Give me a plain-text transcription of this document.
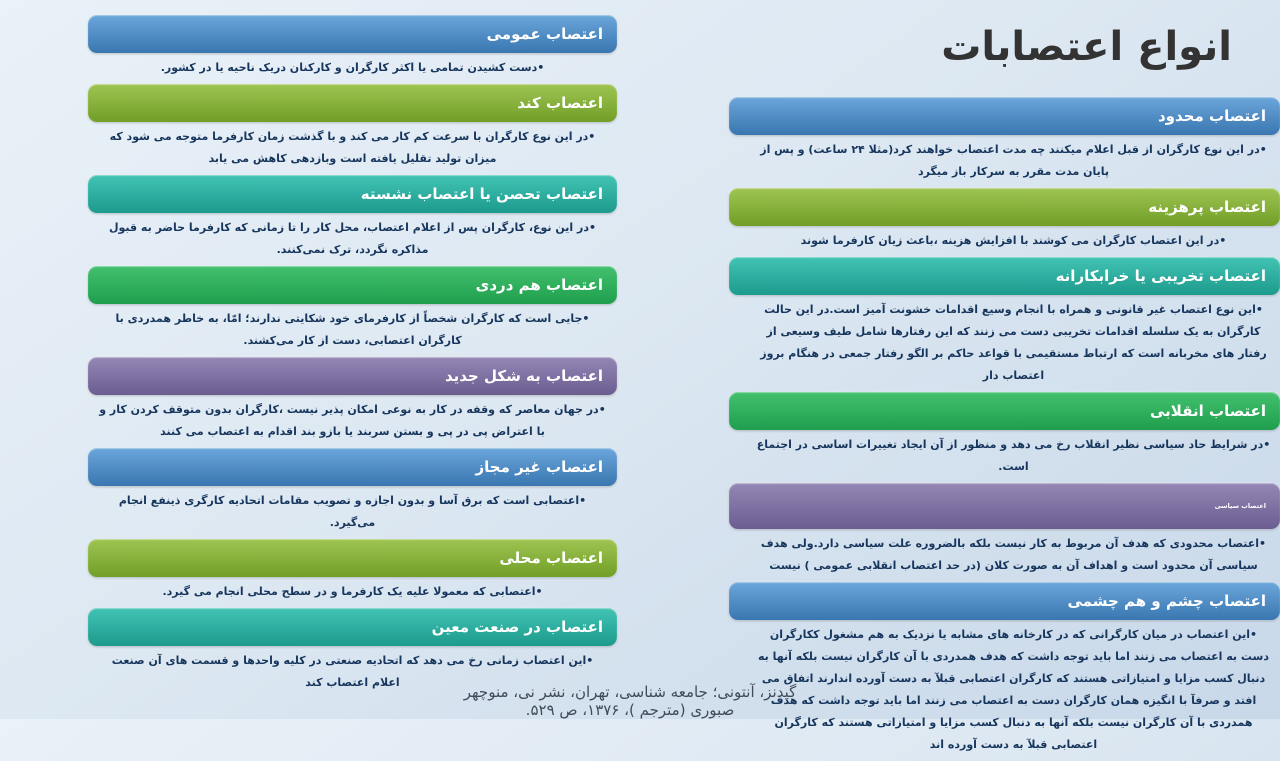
انواع اعتصابات
اعتصاب عمومی
•دست کشیدن تمامی یا اکثر کارگران و کارکنان دریک ناحیه یا در کشور.
اعتصاب کند
•در این نوع کارگران با سرعت کم کار می کند و با گذشت زمان کارفرما متوجه می شود که میزان تولید تقلیل یافته است وبازدهی کاهش می یابد
اعتصاب تحصن یا اعتصاب نشسته
•در این نوع، کارگران پس از اعلام اعتصاب، محل کار را تا زمانی که کارفرما حاضر به قبول مذاکره نگردد، ترک نمی‌کنند.
اعتصاب هم دردی
•جایی است که کارگران شخصاً از کارفرمای خود شکایتی ندارند؛ امّا، به خاطر همدردی با کارگران اعتصابی، دست از کار می‌کشند.
اعتصاب به شکل جدید
•در جهان معاصر که وقفه در کار به نوعی امکان پذیر نیست ،کارگران بدون متوقف کردن کار و با اعتراض پی در پی و بستن سربند یا بازو بند اقدام به اعتصاب می کنند
اعتصاب غیر مجاز
•اعتصابی است که برق آسا و بدون اجازه و تصویب مقامات اتحادیه کارگری ذینفع انجام می‌گیرد.
اعتصاب محلی
•اعتصابی که معمولا علیه یک کارفرما و در سطح محلی انجام می گیرد.
اعتصاب در صنعت معین
•این اعتصاب زمانی رخ می دهد که اتحادیه صنعتی در کلیه واحدها و قسمت های آن صنعت اعلام اعتصاب کند
اعتصاب محدود
•در این نوع کارگران از قبل اعلام میکنند چه مدت اعتصاب خواهند کرد(مثلا ۲۴ ساعت) و پس از پایان مدت مقرر به سرکار باز میگرد
اعتصاب پرهزینه
•در این اعتصاب کارگران می کوشند با افزایش هزینه ،باعث زیان کارفرما شوند
اعتصاب تخریبی یا خرابکارانه
•این نوع اعتصاب غیر قانونی و همراه با انجام وسیع اقدامات خشونت آمیز است.در این حالت کارگران به یک سلسله اقدامات تخریبی دست می زنند که این رفتارها شامل طیف وسیعی از رفتار های مخربانه است که ارتباط مستقیمی با قواعد حاکم بر الگو رفتار جمعی در هنگام بروز اعتصاب دار
اعتصاب انقلابی
•در شرایط حاد سیاسی نظیر انقلاب رخ می دهد و منظور از آن ایجاد تغییرات اساسی در اجتماع است.
اعتصاب سیاسی
•اعتصاب محدودی که هدف آن مربوط به کار نیست بلکه بالضروره علت سیاسی دارد.ولی هدف سیاسی آن محدود است و اهداف آن به صورت کلان (در حد اعتصاب انقلابی عمومی ) نیست
اعتصاب چشم و هم چشمی
•این اعتصاب در میان کارگرانی که در کارخانه های مشابه یا نزدیک به هم مشغول ککارگران دست به اعتصاب می زنند اما باید توجه داشت که هدف همدردی با آن کارگران نیست بلکه آنها به دنبال کسب مزایا و امتیازاتی هستند که کارگران اعتصابی قبلآ به دست آورده اندارند اتفاق می افتد و صرفآ با انگیزه همان کارگران دست به اعتصاب می زنند اما باید توجه داشت که هدف همدردی با آن کارگران نیست بلکه آنها به دنبال کسب مزایا و امتیازاتی هستند که کارگران اعتصابی قبلآ به دست آورده اند
گیدنز، آنتونی؛ جامعه شناسی، تهران، نشر نی، منوچهر
صبوری (مترجم )، ۱۳۷۶، ص ۵۲۹.
